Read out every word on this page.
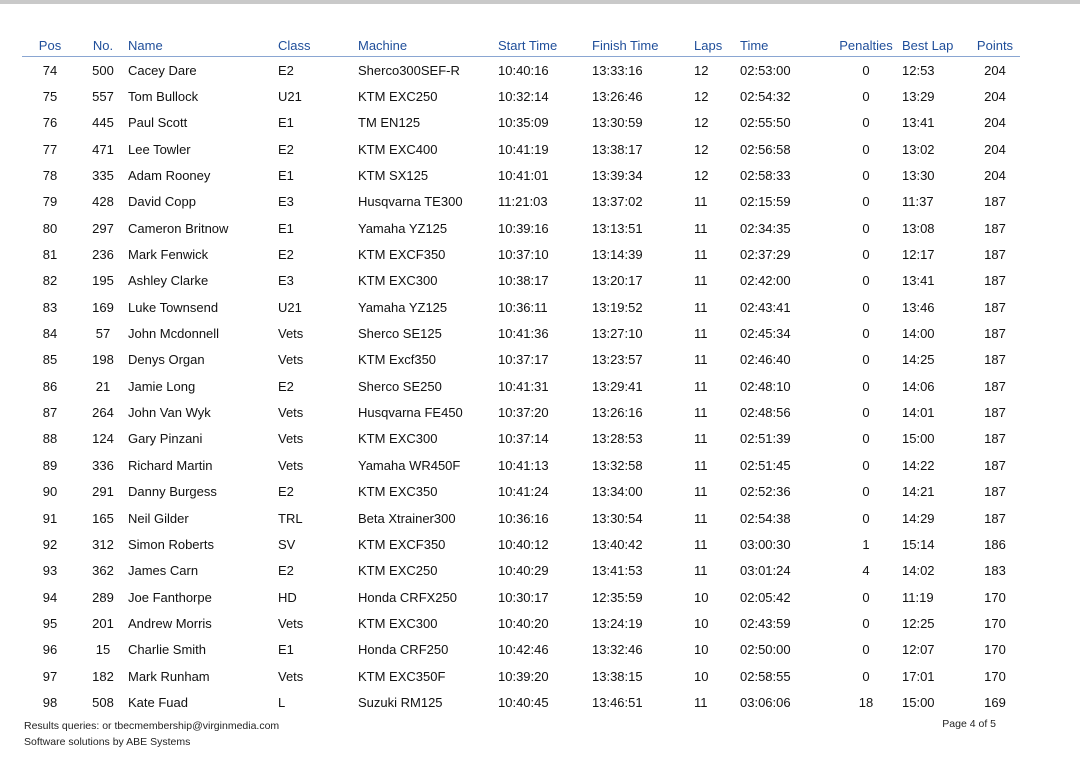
Pos	No.	Name	Class	Machine	Start Time	Finish Time	Laps	Time	Penalties	Best Lap	Points
74	500	Cacey Dare	E2	Sherco300SEF-R	10:40:16	13:33:16	12	02:53:00	0	12:53	204
75	557	Tom Bullock	U21	KTM EXC250	10:32:14	13:26:46	12	02:54:32	0	13:29	204
76	445	Paul Scott	E1	TM EN125	10:35:09	13:30:59	12	02:55:50	0	13:41	204
77	471	Lee Towler	E2	KTM EXC400	10:41:19	13:38:17	12	02:56:58	0	13:02	204
78	335	Adam Rooney	E1	KTM SX125	10:41:01	13:39:34	12	02:58:33	0	13:30	204
79	428	David Copp	E3	Husqvarna TE300	11:21:03	13:37:02	11	02:15:59	0	11:37	187
80	297	Cameron Britnow	E1	Yamaha YZ125	10:39:16	13:13:51	11	02:34:35	0	13:08	187
81	236	Mark Fenwick	E2	KTM EXCF350	10:37:10	13:14:39	11	02:37:29	0	12:17	187
82	195	Ashley Clarke	E3	KTM EXC300	10:38:17	13:20:17	11	02:42:00	0	13:41	187
83	169	Luke Townsend	U21	Yamaha YZ125	10:36:11	13:19:52	11	02:43:41	0	13:46	187
84	57	John Mcdonnell	Vets	Sherco SE125	10:41:36	13:27:10	11	02:45:34	0	14:00	187
85	198	Denys Organ	Vets	KTM Excf350	10:37:17	13:23:57	11	02:46:40	0	14:25	187
86	21	Jamie Long	E2	Sherco SE250	10:41:31	13:29:41	11	02:48:10	0	14:06	187
87	264	John Van Wyk	Vets	Husqvarna FE450	10:37:20	13:26:16	11	02:48:56	0	14:01	187
88	124	Gary Pinzani	Vets	KTM EXC300	10:37:14	13:28:53	11	02:51:39	0	15:00	187
89	336	Richard Martin	Vets	Yamaha WR450F	10:41:13	13:32:58	11	02:51:45	0	14:22	187
90	291	Danny Burgess	E2	KTM EXC350	10:41:24	13:34:00	11	02:52:36	0	14:21	187
91	165	Neil Gilder	TRL	Beta Xtrainer300	10:36:16	13:30:54	11	02:54:38	0	14:29	187
92	312	Simon Roberts	SV	KTM EXCF350	10:40:12	13:40:42	11	03:00:30	1	15:14	186
93	362	James Carn	E2	KTM EXC250	10:40:29	13:41:53	11	03:01:24	4	14:02	183
94	289	Joe Fanthorpe	HD	Honda CRFX250	10:30:17	12:35:59	10	02:05:42	0	11:19	170
95	201	Andrew Morris	Vets	KTM EXC300	10:40:20	13:24:19	10	02:43:59	0	12:25	170
96	15	Charlie Smith	E1	Honda CRF250	10:42:46	13:32:46	10	02:50:00	0	12:07	170
97	182	Mark Runham	Vets	KTM EXC350F	10:39:20	13:38:15	10	02:58:55	0	17:01	170
98	508	Kate Fuad	L	Suzuki RM125	10:40:45	13:46:51	11	03:06:06	18	15:00	169
Results queries: or tbecmembership@virginmedia.com
Software solutions by ABE Systems
Page 4 of 5
